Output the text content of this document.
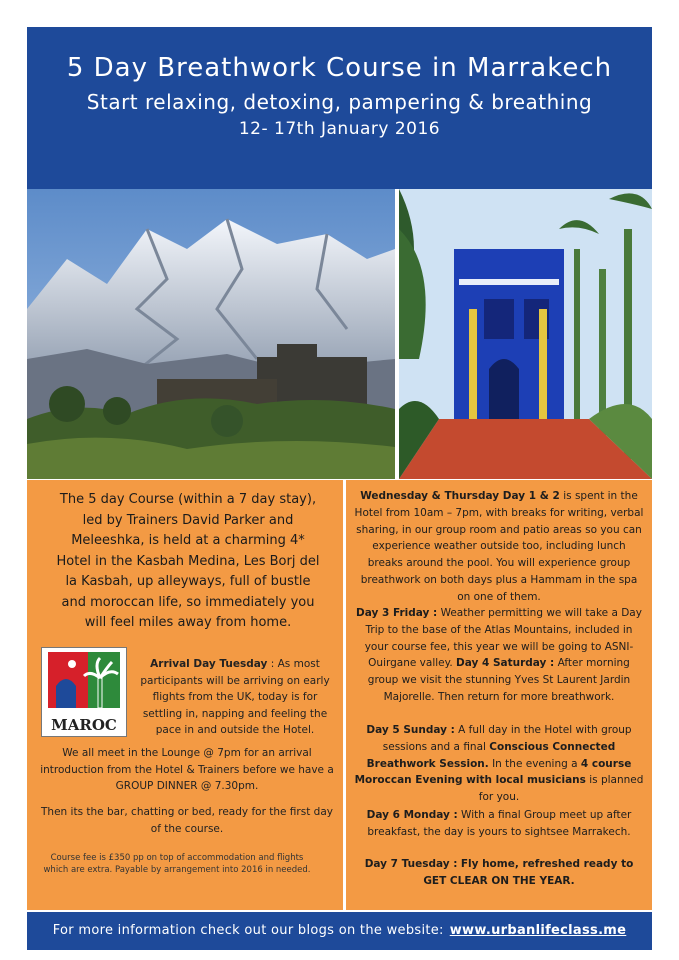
5 Day Breathwork Course in Marrakech
Start relaxing, detoxing, pampering & breathing
12- 17th January 2016
The 5 day Course (within a 7 day stay), led by Trainers David Parker and Meleeshka, is held at a charming 4* Hotel in the Kasbah Medina, Les Borj del la Kasbah, up alleyways, full of bustle and moroccan life, so immediately you will feel miles away from home.
MAROC
Arrival Day Tuesday : As most participants will be arriving on early flights from the UK, today is for settling in, napping and feeling the pace in and outside the Hotel.
We all meet in the Lounge @ 7pm for an arrival introduction from the Hotel & Trainers before we have a GROUP DINNER @ 7.30pm.
Then its the bar, chatting or bed, ready for the first day of the course.
Course fee is £350 pp on top of accommodation and flights which are extra. Payable by arrangement into 2016 in needed.
Wednesday & Thursday Day 1 & 2 is spent in the Hotel from 10am – 7pm, with breaks for writing, verbal sharing, in our group room and patio areas so you can experience weather outside too, including lunch breaks around the pool. You will experience group breathwork on both days plus a Hammam in the spa on one of them.
Day 3 Friday : Weather permitting we will take a Day Trip to the base of the Atlas Mountains, included in your course fee, this year we will be going to ASNI-Ouirgane valley. Day 4 Saturday : After morning group we visit the stunning Yves St Laurent Jardin Majorelle. Then return for more breathwork.
Day 5 Sunday : A full day in the Hotel with group sessions and a final Conscious Connected Breathwork Session. In the evening a 4 course Moroccan Evening with local musicians is planned for you.
Day 6 Monday : With a final Group meet up after breakfast, the day is yours to sightsee Marrakech.
Day 7 Tuesday : Fly home, refreshed ready to GET CLEAR ON THE YEAR.
For more information check out our blogs on the website: www.urbanlifeclass.me
